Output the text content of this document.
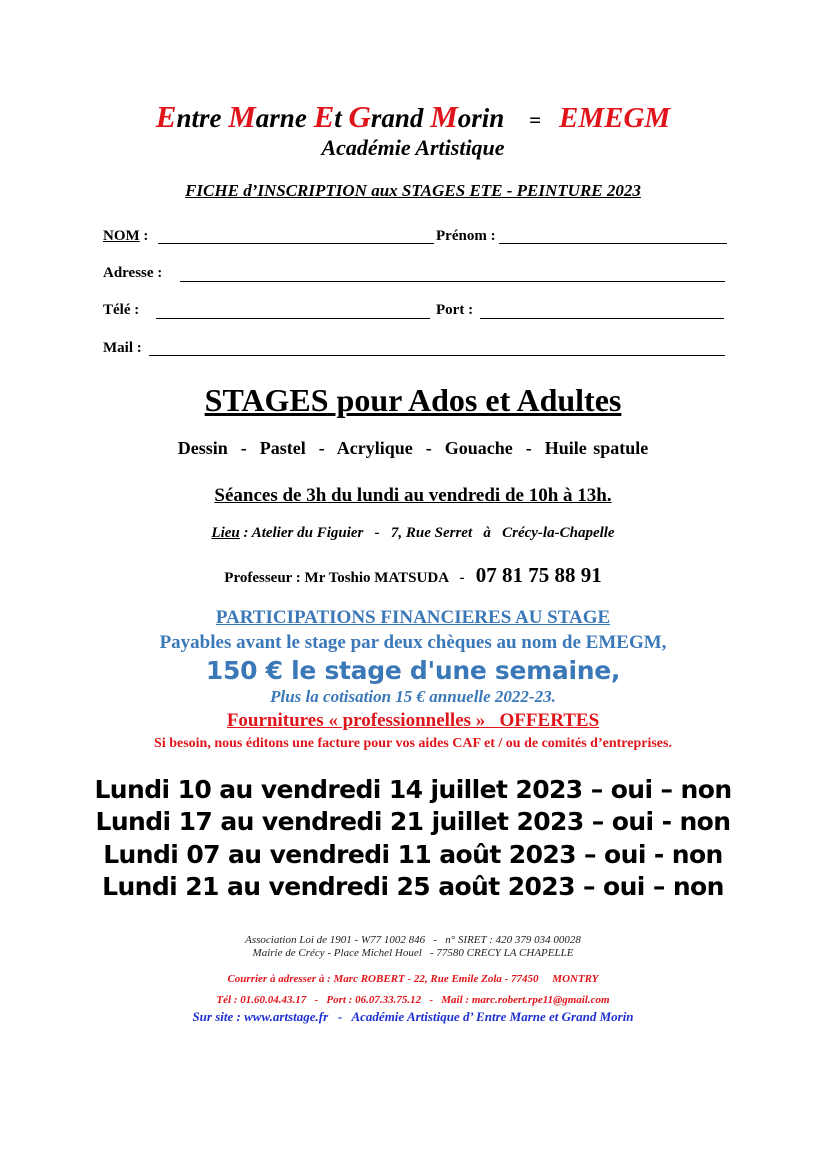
Entre Marne Et Grand Morin = EMEGM
Académie Artistique
FICHE d’INSCRIPTION aux STAGES ETE - PEINTURE 2023
NOM :	Prénom :
Adresse :
Télé :	Port :
Mail :
STAGES pour Ados et Adultes
Dessin  -  Pastel  -  Acrylique  -  Gouache  -  Huile spatule
Séances de 3h du lundi au vendredi de 10h à 13h.
Lieu : Atelier du Figuier   -   7, Rue Serret   à   Crécy-la-Chapelle
Professeur : Mr Toshio MATSUDA   -   07 81 75 88 91
PARTICIPATIONS FINANCIERES AU STAGE
Payables avant le stage par deux chèques au nom de EMEGM,
150 € le stage d'une semaine,
Plus la cotisation 15 € annuelle 2022-23.
Fournitures « professionnelles »   OFFERTES
Si besoin, nous éditons une facture pour vos aides CAF et / ou de comités d’entreprises.
Lundi 10 au vendredi 14 juillet 2023 – oui – non
Lundi 17 au vendredi 21 juillet 2023 – oui - non
Lundi 07 au vendredi 11 août 2023 – oui - non
Lundi 21 au vendredi 25 août 2023 – oui – non
Association Loi de 1901 - W77 1002 846   -   n° SIRET : 420 379 034 00028
Mairie de Crécy - Place Michel Houel   - 77580 CRECY LA CHAPELLE
Courrier à adresser à : Marc ROBERT - 22, Rue Emile Zola - 77450     MONTRY
Tél : 01.60.04.43.17   -   Port : 06.07.33.75.12   -   Mail : marc.robert.rpe11@gmail.com
Sur site : www.artstage.fr   -   Académie Artistique d’ Entre Marne et Grand Morin
